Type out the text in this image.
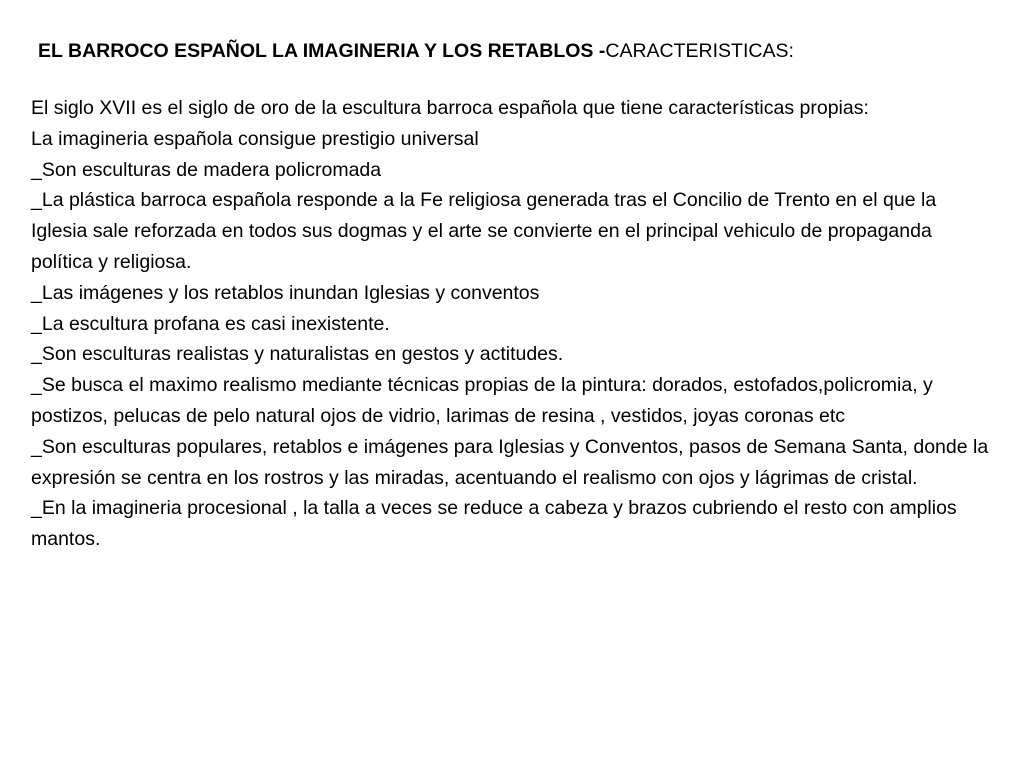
EL BARROCO ESPAÑOL LA IMAGINERIA Y LOS RETABLOS -CARACTERISTICAS:

El siglo XVII es el siglo de oro de la escultura barroca española que tiene características propias:

La imagineria española consigue prestigio universal

_Son esculturas de madera policromada

_La plástica barroca española responde a la Fe religiosa generada tras el Concilio de Trento en el que la Iglesia sale reforzada en todos sus dogmas y el arte se convierte en el principal vehiculo de propaganda política y religiosa.

_Las imágenes y los retablos inundan Iglesias y conventos

_La escultura profana es casi inexistente.

_Son esculturas realistas y naturalistas en gestos y actitudes.

_Se busca el maximo realismo mediante técnicas propias de la pintura: dorados, estofados,policromia, y postizos, pelucas de pelo natural ojos de vidrio, larimas de resina , vestidos, joyas coronas etc

_Son esculturas populares, retablos e imágenes para Iglesias y Conventos, pasos de Semana Santa, donde la expresión se centra en los rostros y las miradas, acentuando el realismo con ojos y lágrimas de cristal.

_En la imagineria procesional , la talla a veces se reduce a cabeza y brazos cubriendo el resto con amplios mantos.
